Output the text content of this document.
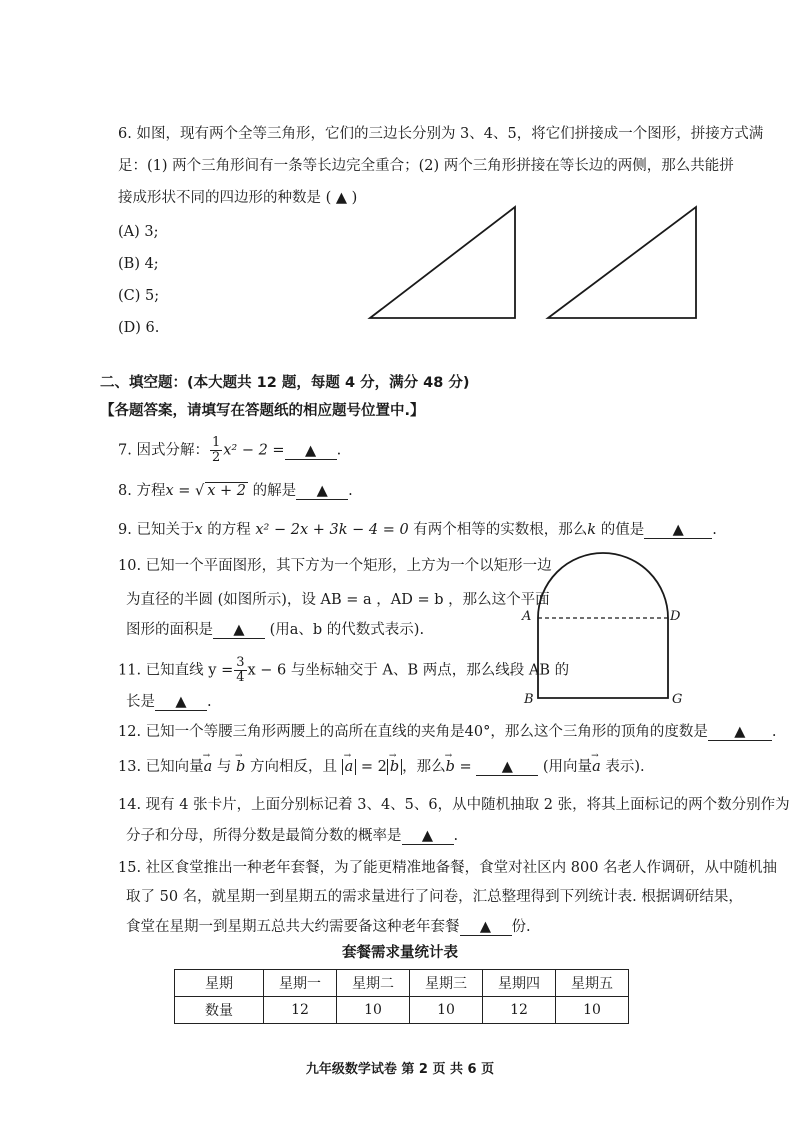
6. 如图，现有两个全等三角形，它们的三边长分别为 3、4、5，将它们拼接成一个图形，拼接方式满
足：(1) 两个三角形间有一条等长边完全重合；(2) 两个三角形拼接在等长边的两侧，那么共能拼
接成形状不同的四边形的种数是 ( ▲ )
(A) 3;
(B) 4;
(C) 5;
(D) 6.
二、填空题：(本大题共 12 题，每题 4 分，满分 48 分)
【各题答案，请填写在答题纸的相应题号位置中.】
7. 因式分解： $\frac{1}{2} x^2 - 2$ = ▲ .
8. 方程x = √ x + 2 的解是 ▲ .
9. 已知关于x 的方程 x² − 2x + 3k − 4 = 0 有两个相等的实数根，那么k 的值是 ▲ .
10. 已知一个平面图形，其下方为一个矩形，上方为一个以矩形一边
为直径的半圆 (如图所示)，设 AB = a ，AD = b ，那么这个平面
图形的面积是 ▲ (用a、b 的代数式表示).
A	D
B	G
11. 已知直线 $y = \frac{3}{4}$ x − 6 与坐标轴交于 A、B 两点，那么线段 AB 的
长是 ▲ .
12. 已知一个等腰三角形两腰上的高所在直线的夹角是40°，那么这个三角形的顶角的度数是 ▲ .
13. 已知向量→ a 与 → b 方向相反，且 → a = 2 → b ，那么→ b = ▲ (用向量→ a 表示).
14. 现有 4 张卡片，上面分别标记着 3、4、5、6，从中随机抽取 2 张，将其上面标记的两个数分别作为
分子和分母，所得分数是最简分数的概率是 ▲ .
15. 社区食堂推出一种老年套餐，为了能更精准地备餐，食堂对社区内 800 名老人作调研，从中随机抽
取了 50 名，就星期一到星期五的需求量进行了问卷，汇总整理得到下列统计表. 根据调研结果，
食堂在星期一到星期五总共大约需要备这种老年套餐 ▲ 份.
套餐需求量统计表
星期	星期一	星期二	星期三	星期四	星期五
数量	12	10	10	12	10
九年级数学试卷 第 2 页 共 6 页
